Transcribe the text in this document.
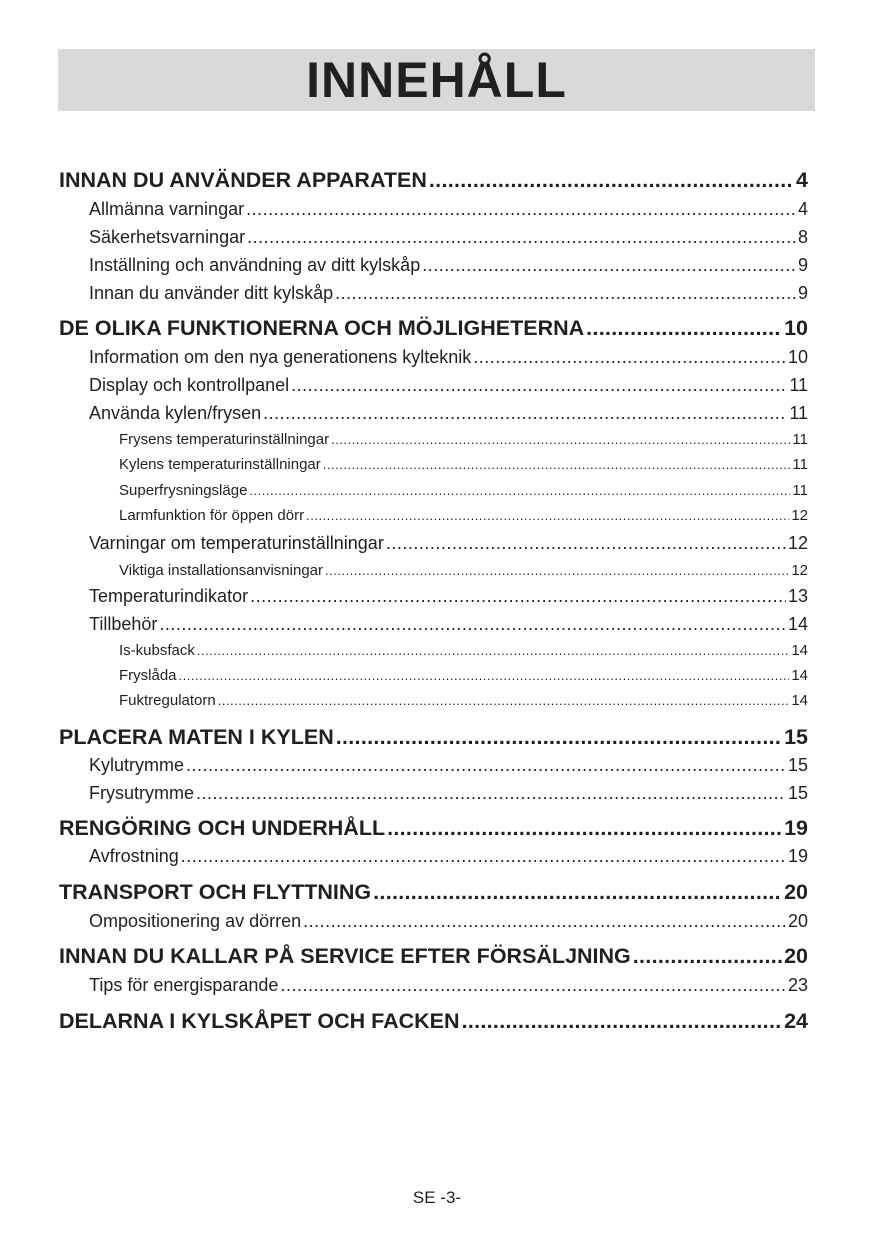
INNEHÅLL
INNAN DU ANVÄNDER APPARATEN .....	4
Allmänna varningar .....	4
Säkerhetsvarningar .....	8
Inställning och användning av ditt kylskåp .....	9
Innan du använder ditt kylskåp .....	9
DE OLIKA FUNKTIONERNA OCH MÖJLIGHETERNA .....	10
Information om den nya generationens kylteknik .....	10
Display och kontrollpanel .....	11
Använda kylen/frysen .....	11
Frysens temperaturinställningar .....	11
Kylens temperaturinställningar .....	11
Superfrysningsläge .....	11
Larmfunktion för öppen dörr .....	12
Varningar om temperaturinställningar .....	12
Viktiga installationsanvisningar .....	12
Temperaturindikator .....	13
Tillbehör .....	14
Is-kubsfack .....	14
Fryslåda .....	14
Fuktregulatorn .....	14
PLACERA MATEN I KYLEN .....	15
Kylutrymme .....	15
Frysutrymme .....	15
RENGÖRING OCH UNDERHÅLL .....	19
Avfrostning .....	19
TRANSPORT OCH FLYTTNING .....	20
Ompositionering av dörren .....	20
INNAN DU KALLAR PÅ SERVICE EFTER FÖRSÄLJNING .....	20
Tips för energisparande .....	23
DELARNA I KYLSKÅPET OCH FACKEN .....	24
SE -3-
